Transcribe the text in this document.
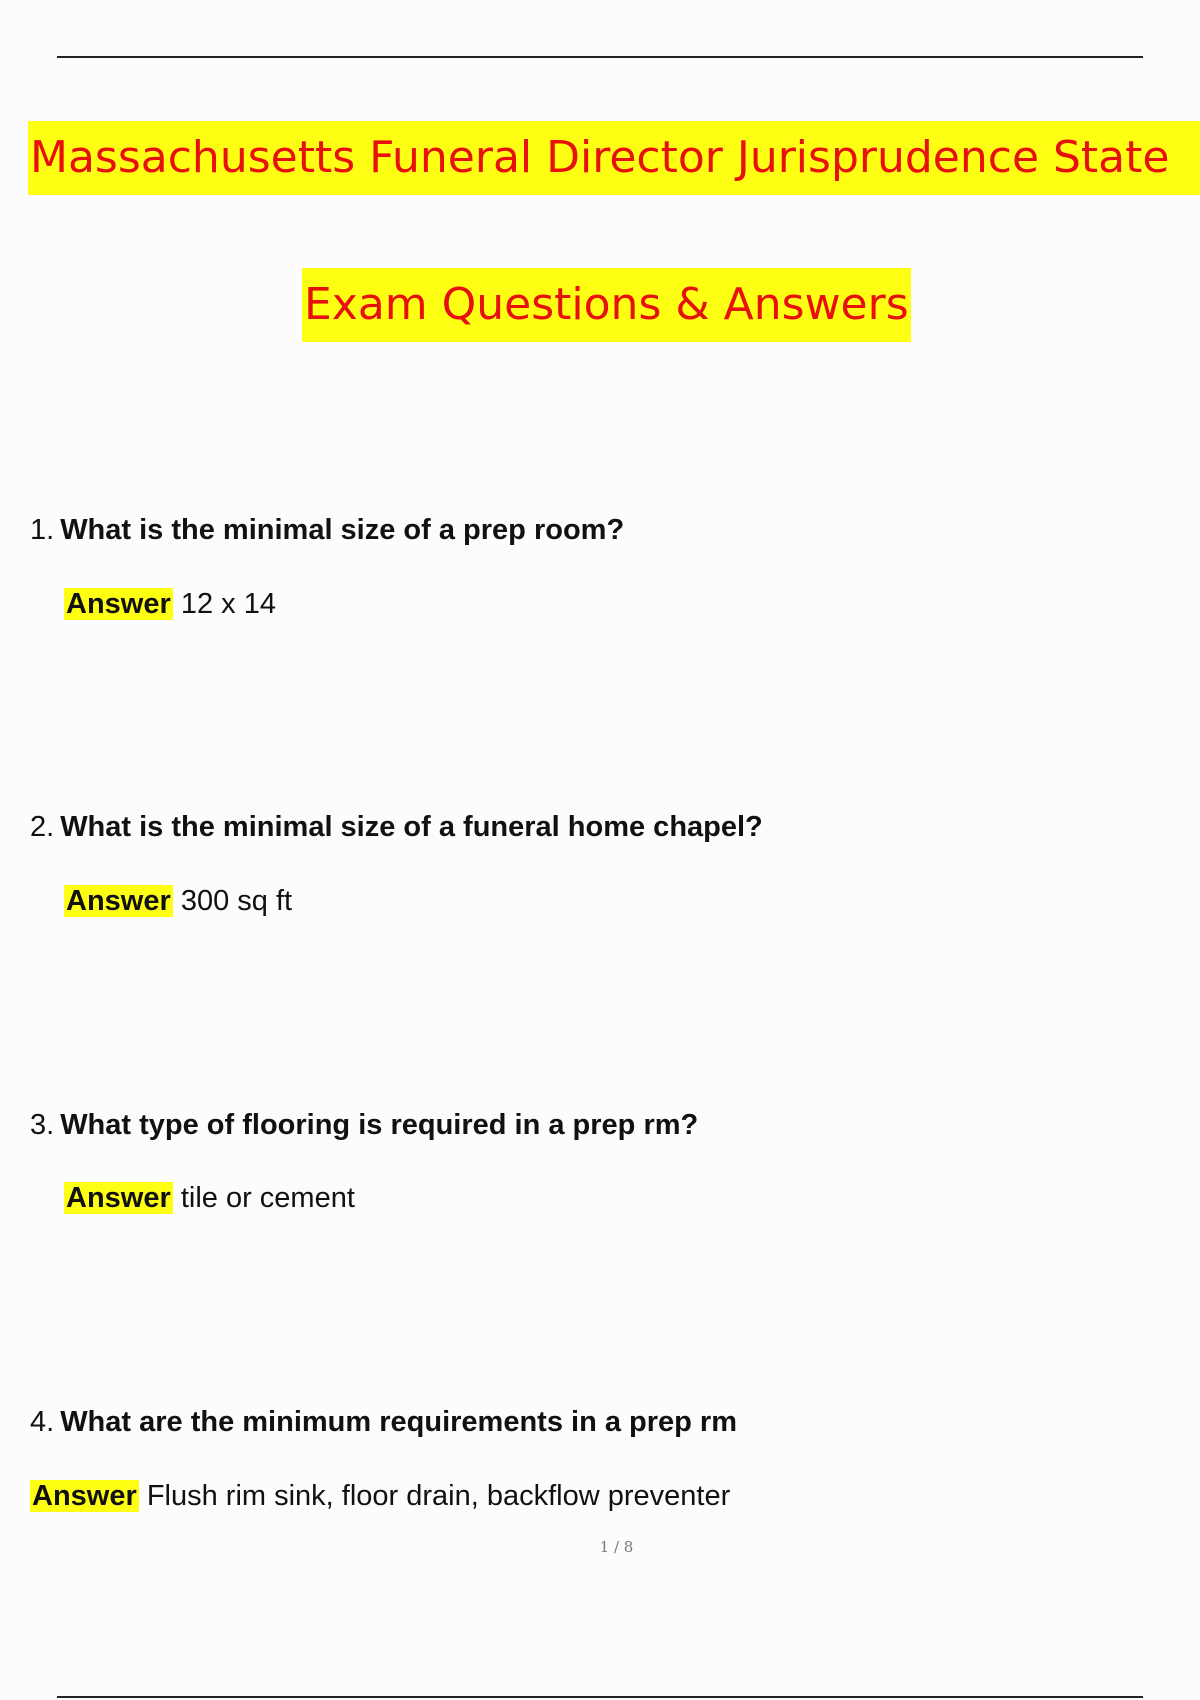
Massachusetts Funeral Director Jurisprudence State
Exam Questions & Answers
1. What is the minimal size of a prep room?
Answer 12 x 14
2. What is the minimal size of a funeral home chapel?
Answer 300 sq ft
3. What type of flooring is required in a prep rm?
Answer tile or cement
4. What are the minimum requirements in a prep rm
Answer Flush rim sink, floor drain, backflow preventer
1 / 8
